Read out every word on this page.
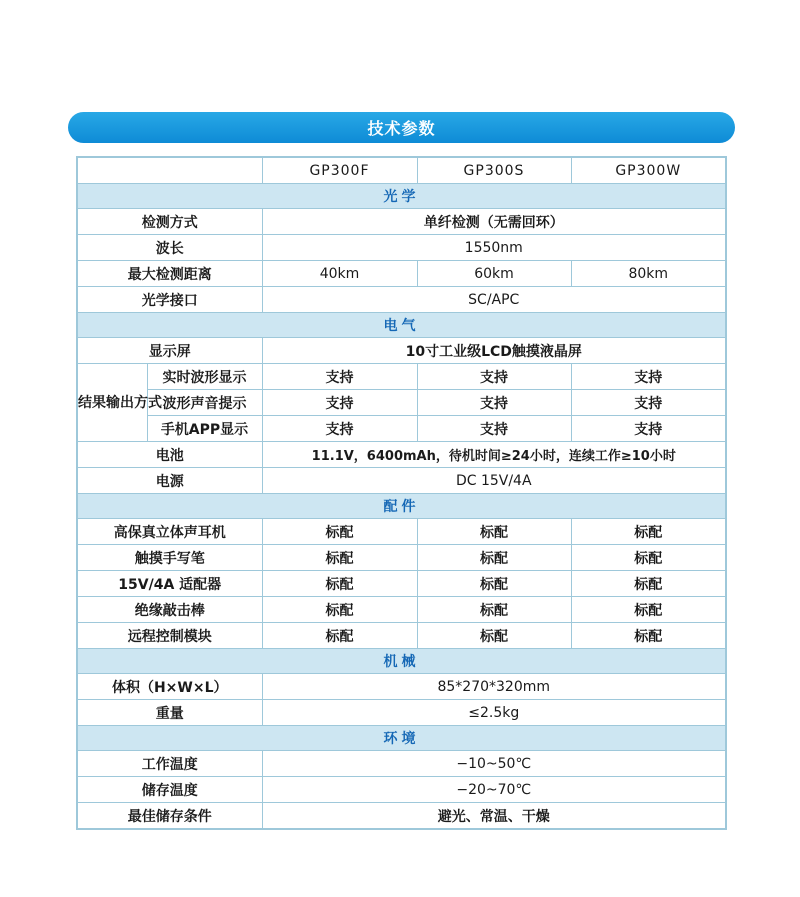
技术参数
		GP300F	GP300S	GP300W
光学				
检测方式		单纤检测（无需回环）		
波长		1550nm		
最大检测距离		40km	60km	80km
光学接口		SC/APC		
电气				
显示屏		10寸工业级LCD触摸液晶屏		
结果输出方式	实时波形显示	支持	支持	支持
	波形声音提示	支持	支持	支持
	手机APP显示	支持	支持	支持
电池		11.1V，6400mAh，待机时间≥24小时，连续工作≥10小时		
电源		DC 15V/4A		
配件				
高保真立体声耳机		标配	标配	标配
触摸手写笔		标配	标配	标配
15V/4A 适配器		标配	标配	标配
绝缘敲击棒		标配	标配	标配
远程控制模块		标配	标配	标配
机械				
体积（H×W×L）		85*270*320mm		
重量		≤2.5kg		
环境				
工作温度		−10~50℃		
储存温度		−20~70℃		
最佳储存条件		避光、常温、干燥		
